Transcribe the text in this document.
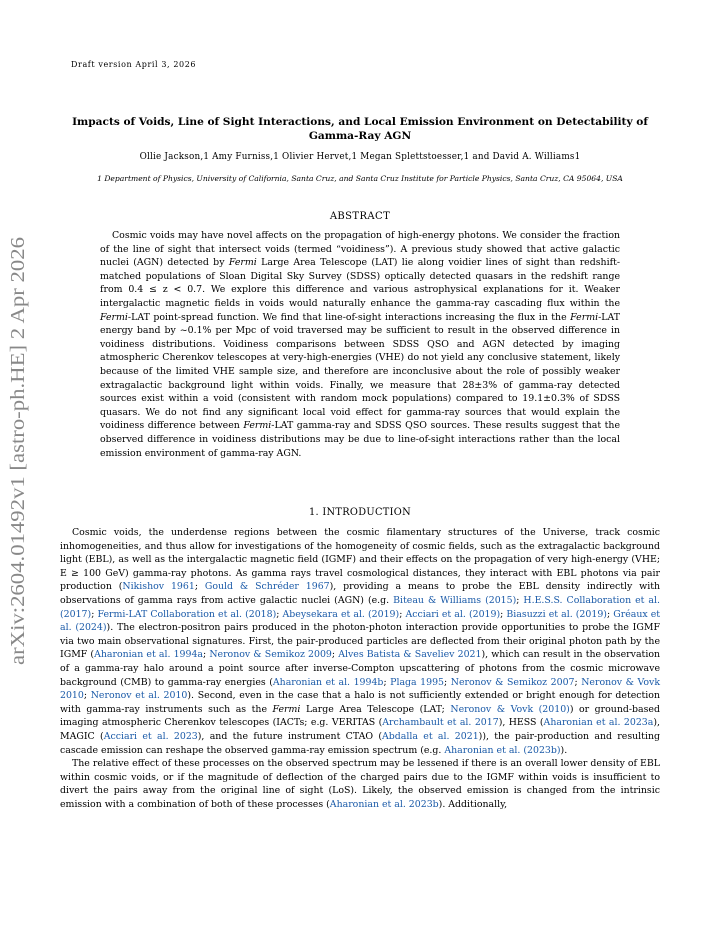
arXiv:2604.01492v1 [astro-ph.HE] 2 Apr 2026
Draft version April 3, 2026
Impacts of Voids, Line of Sight Interactions, and Local Emission Environment on Detectability of Gamma-Ray AGN
Ollie Jackson,1 Amy Furniss,1 Olivier Hervet,1 Megan Splettstoesser,1 and David A. Williams1
1 Department of Physics, University of California, Santa Cruz, and Santa Cruz Institute for Particle Physics, Santa Cruz, CA 95064, USA
ABSTRACT
Cosmic voids may have novel affects on the propagation of high-energy photons. We consider the fraction of the line of sight that intersect voids (termed “voidiness”). A previous study showed that active galactic nuclei (AGN) detected by Fermi Large Area Telescope (LAT) lie along voidier lines of sight than redshift-matched populations of Sloan Digital Sky Survey (SDSS) optically detected quasars in the redshift range from 0.4 ≤ z < 0.7. We explore this difference and various astrophysical explanations for it. Weaker intergalactic magnetic fields in voids would naturally enhance the gamma-ray cascading flux within the Fermi-LAT point-spread function. We find that line-of-sight interactions increasing the flux in the Fermi-LAT energy band by ~0.1% per Mpc of void traversed may be sufficient to result in the observed difference in voidiness distributions. Voidiness comparisons between SDSS QSO and AGN detected by imaging atmospheric Cherenkov telescopes at very-high-energies (VHE) do not yield any conclusive statement, likely because of the limited VHE sample size, and therefore are inconclusive about the role of possibly weaker extragalactic background light within voids. Finally, we measure that 28±3% of gamma-ray detected sources exist within a void (consistent with random mock populations) compared to 19.1±0.3% of SDSS quasars. We do not find any significant local void effect for gamma-ray sources that would explain the voidiness difference between Fermi-LAT gamma-ray and SDSS QSO sources. These results suggest that the observed difference in voidiness distributions may be due to line-of-sight interactions rather than the local emission environment of gamma-ray AGN.
1. INTRODUCTION

Cosmic voids, the underdense regions between the cosmic filamentary structures of the Universe, track cosmic inhomogeneities, and thus allow for investigations of the homogeneity of cosmic fields, such as the extragalactic background light (EBL), as well as the intergalactic magnetic field (IGMF) and their effects on the propagation of very high-energy (VHE; E ≥ 100 GeV) gamma-ray photons. As gamma rays travel cosmological distances, they interact with EBL photons via pair production (Nikishov 1961; Gould & Schréder 1967), providing a means to probe the EBL density indirectly with observations of gamma rays from active galactic nuclei (AGN) (e.g. Biteau & Williams (2015); H.E.S.S. Collaboration et al. (2017); Fermi-LAT Collaboration et al. (2018); Abeysekara et al. (2019); Acciari et al. (2019); Biasuzzi et al. (2019); Gréaux et al. (2024)). The electron-positron pairs produced in the photon-photon interaction provide opportunities to probe the IGMF via two main observational signatures. First, the pair-produced particles are deflected from their original photon path by the IGMF (Aharonian et al. 1994a; Neronov & Semikoz 2009; Alves Batista & Saveliev 2021), which can result in the observation of a gamma-ray halo around a point source after inverse-Compton upscattering of photons from the cosmic microwave background (CMB) to gamma-ray energies (Aharonian et al. 1994b; Plaga 1995; Neronov & Semikoz 2007; Neronov & Vovk 2010; Neronov et al. 2010). Second, even in the case that a halo is not sufficiently extended or bright enough for detection with gamma-ray instruments such as the Fermi Large Area Telescope (LAT; Neronov & Vovk (2010)) or ground-based imaging atmospheric Cherenkov telescopes (IACTs; e.g. VERITAS (Archambault et al. 2017), HESS (Aharonian et al. 2023a), MAGIC (Acciari et al. 2023), and the future instrument CTAO (Abdalla et al. 2021)), the pair-production and resulting cascade emission can reshape the observed gamma-ray emission spectrum (e.g. Aharonian et al. (2023b)).

The relative effect of these processes on the observed spectrum may be lessened if there is an overall lower density of EBL within cosmic voids, or if the magnitude of deflection of the charged pairs due to the IGMF within voids is insufficient to divert the pairs away from the original line of sight (LoS). Likely, the observed emission is changed from the intrinsic emission with a combination of both of these processes (Aharonian et al. 2023b). Additionally,
